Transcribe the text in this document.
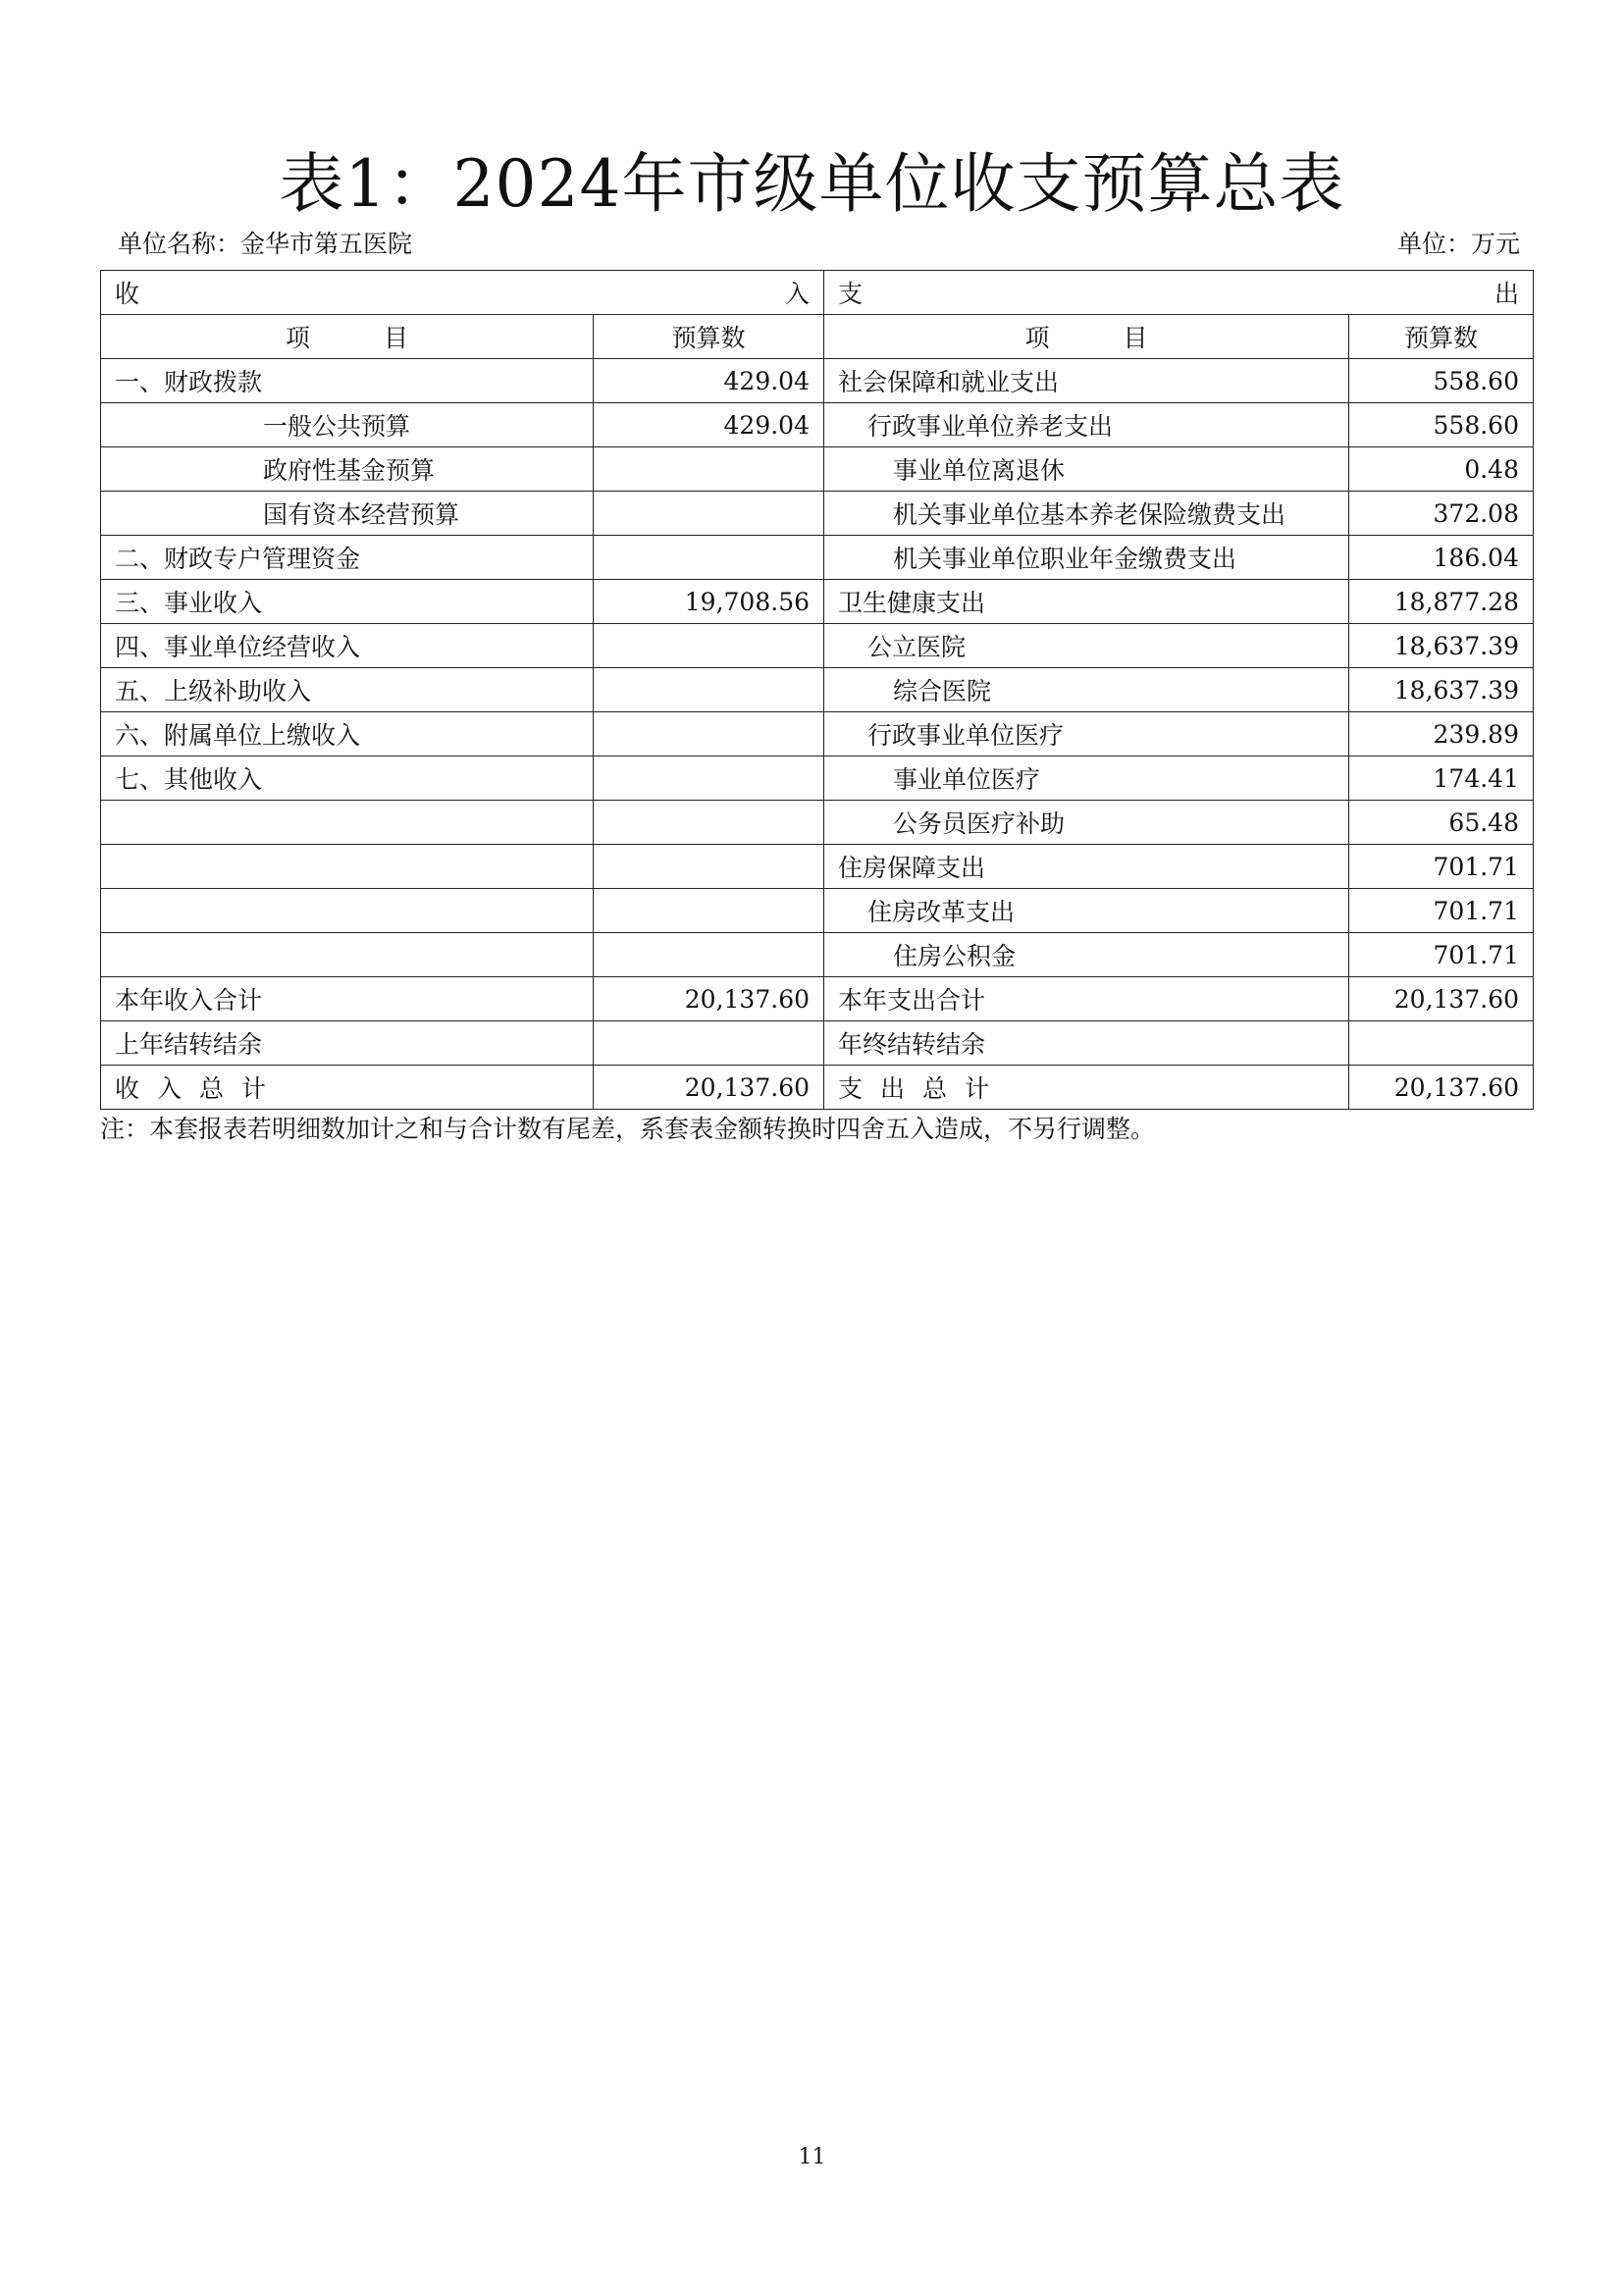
表1：2024年市级单位收支预算总表
单位名称：金华市第五医院	单位：万元
收 入		支 出	

项　　　目	预算数	项　　　目	预算数
一、财政拨款	429.04	社会保障和就业支出	558.60
一般公共预算	429.04	行政事业单位养老支出	558.60
政府性基金预算		事业单位离退休	0.48
国有资本经营预算		机关事业单位基本养老保险缴费支出	372.08
二、财政专户管理资金		机关事业单位职业年金缴费支出	186.04
三、事业收入	19,708.56	卫生健康支出	18,877.28
四、事业单位经营收入		公立医院	18,637.39
五、上级补助收入		综合医院	18,637.39
六、附属单位上缴收入		行政事业单位医疗	239.89
七、其他收入		事业单位医疗	174.41
		公务员医疗补助	65.48
		住房保障支出	701.71
		住房改革支出	701.71
		住房公积金	701.71
本年收入合计	20,137.60	本年支出合计	20,137.60
上年结转结余		年终结转结余	
收入总计	20,137.60	支出总计	20,137.60
注：本套报表若明细数加计之和与合计数有尾差，系套表金额转换时四舍五入造成，不另行调整。
11
